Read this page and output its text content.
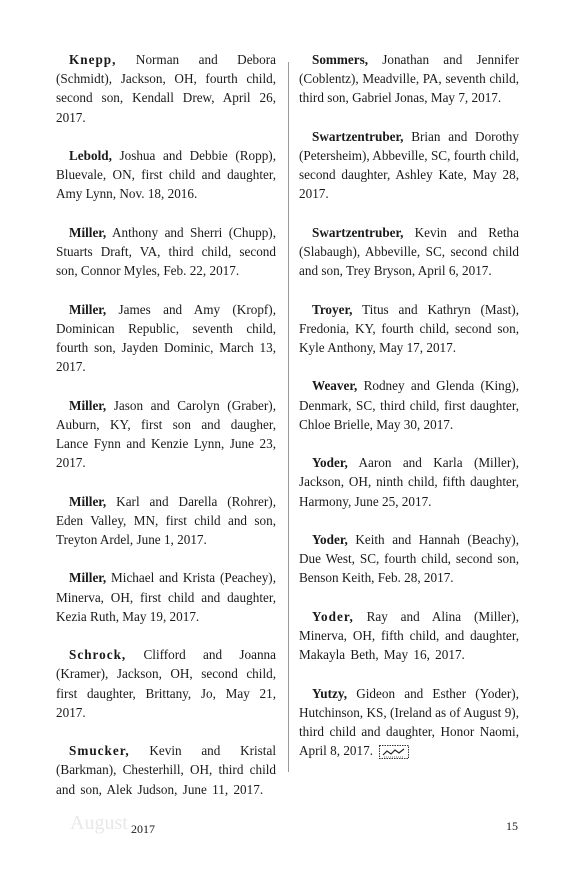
Knepp, Norman and Debora (Schmidt), Jackson, OH, fourth child, second son, Kendall Drew, April 26, 2017.

Lebold, Joshua and Debbie (Ropp), Bluevale, ON, first child and daughter, Amy Lynn, Nov. 18, 2016.

Miller, Anthony and Sherri (Chupp), Stuarts Draft, VA, third child, second son, Connor Myles, Feb. 22, 2017.

Miller, James and Amy (Kropf), Dominican Republic, seventh child, fourth son, Jayden Dominic, March 13, 2017.

Miller, Jason and Carolyn (Graber), Auburn, KY, first son and daugher, Lance Fynn and Kenzie Lynn, June 23, 2017.

Miller, Karl and Darella (Rohrer), Eden Valley, MN, first child and son, Treyton Ardel, June 1, 2017.

Miller, Michael and Krista (Peachey), Minerva, OH, first child and daughter, Kezia Ruth, May 19, 2017.

Schrock, Clifford and Joanna (Kramer), Jackson, OH, second child, first daughter, Brittany, Jo, May 21, 2017.

Smucker, Kevin and Kristal (Barkman), Chesterhill, OH, third child and son, Alek Judson, June 11, 2017.

Sommers, Jonathan and Jennifer (Coblentz), Meadville, PA, seventh child, third son, Gabriel Jonas, May 7, 2017.

Swartzentruber, Brian and Dorothy (Petersheim), Abbeville, SC, fourth child, second daughter, Ashley Kate, May 28, 2017.

Swartzentruber, Kevin and Retha (Slabaugh), Abbeville, SC, second child and son, Trey Bryson, April 6, 2017.

Troyer, Titus and Kathryn (Mast), Fredonia, KY, fourth child, second son, Kyle Anthony, May 17, 2017.

Weaver, Rodney and Glenda (King), Denmark, SC, third child, first daughter, Chloe Brielle, May 30, 2017.

Yoder, Aaron and Karla (Miller), Jackson, OH, ninth child, fifth daughter, Harmony, June 25, 2017.

Yoder, Keith and Hannah (Beachy), Due West, SC, fourth child, second son, Benson Keith, Feb. 28, 2017.

Yoder, Ray and Alina (Miller), Minerva, OH, fifth child, and daughter, Makayla Beth, May 16, 2017.

Yutzy, Gideon and Esther (Yoder), Hutchinson, KS, (Ireland as of August 9), third child and daughter, Honor Naomi, April 8, 2017.

August 2017	15
